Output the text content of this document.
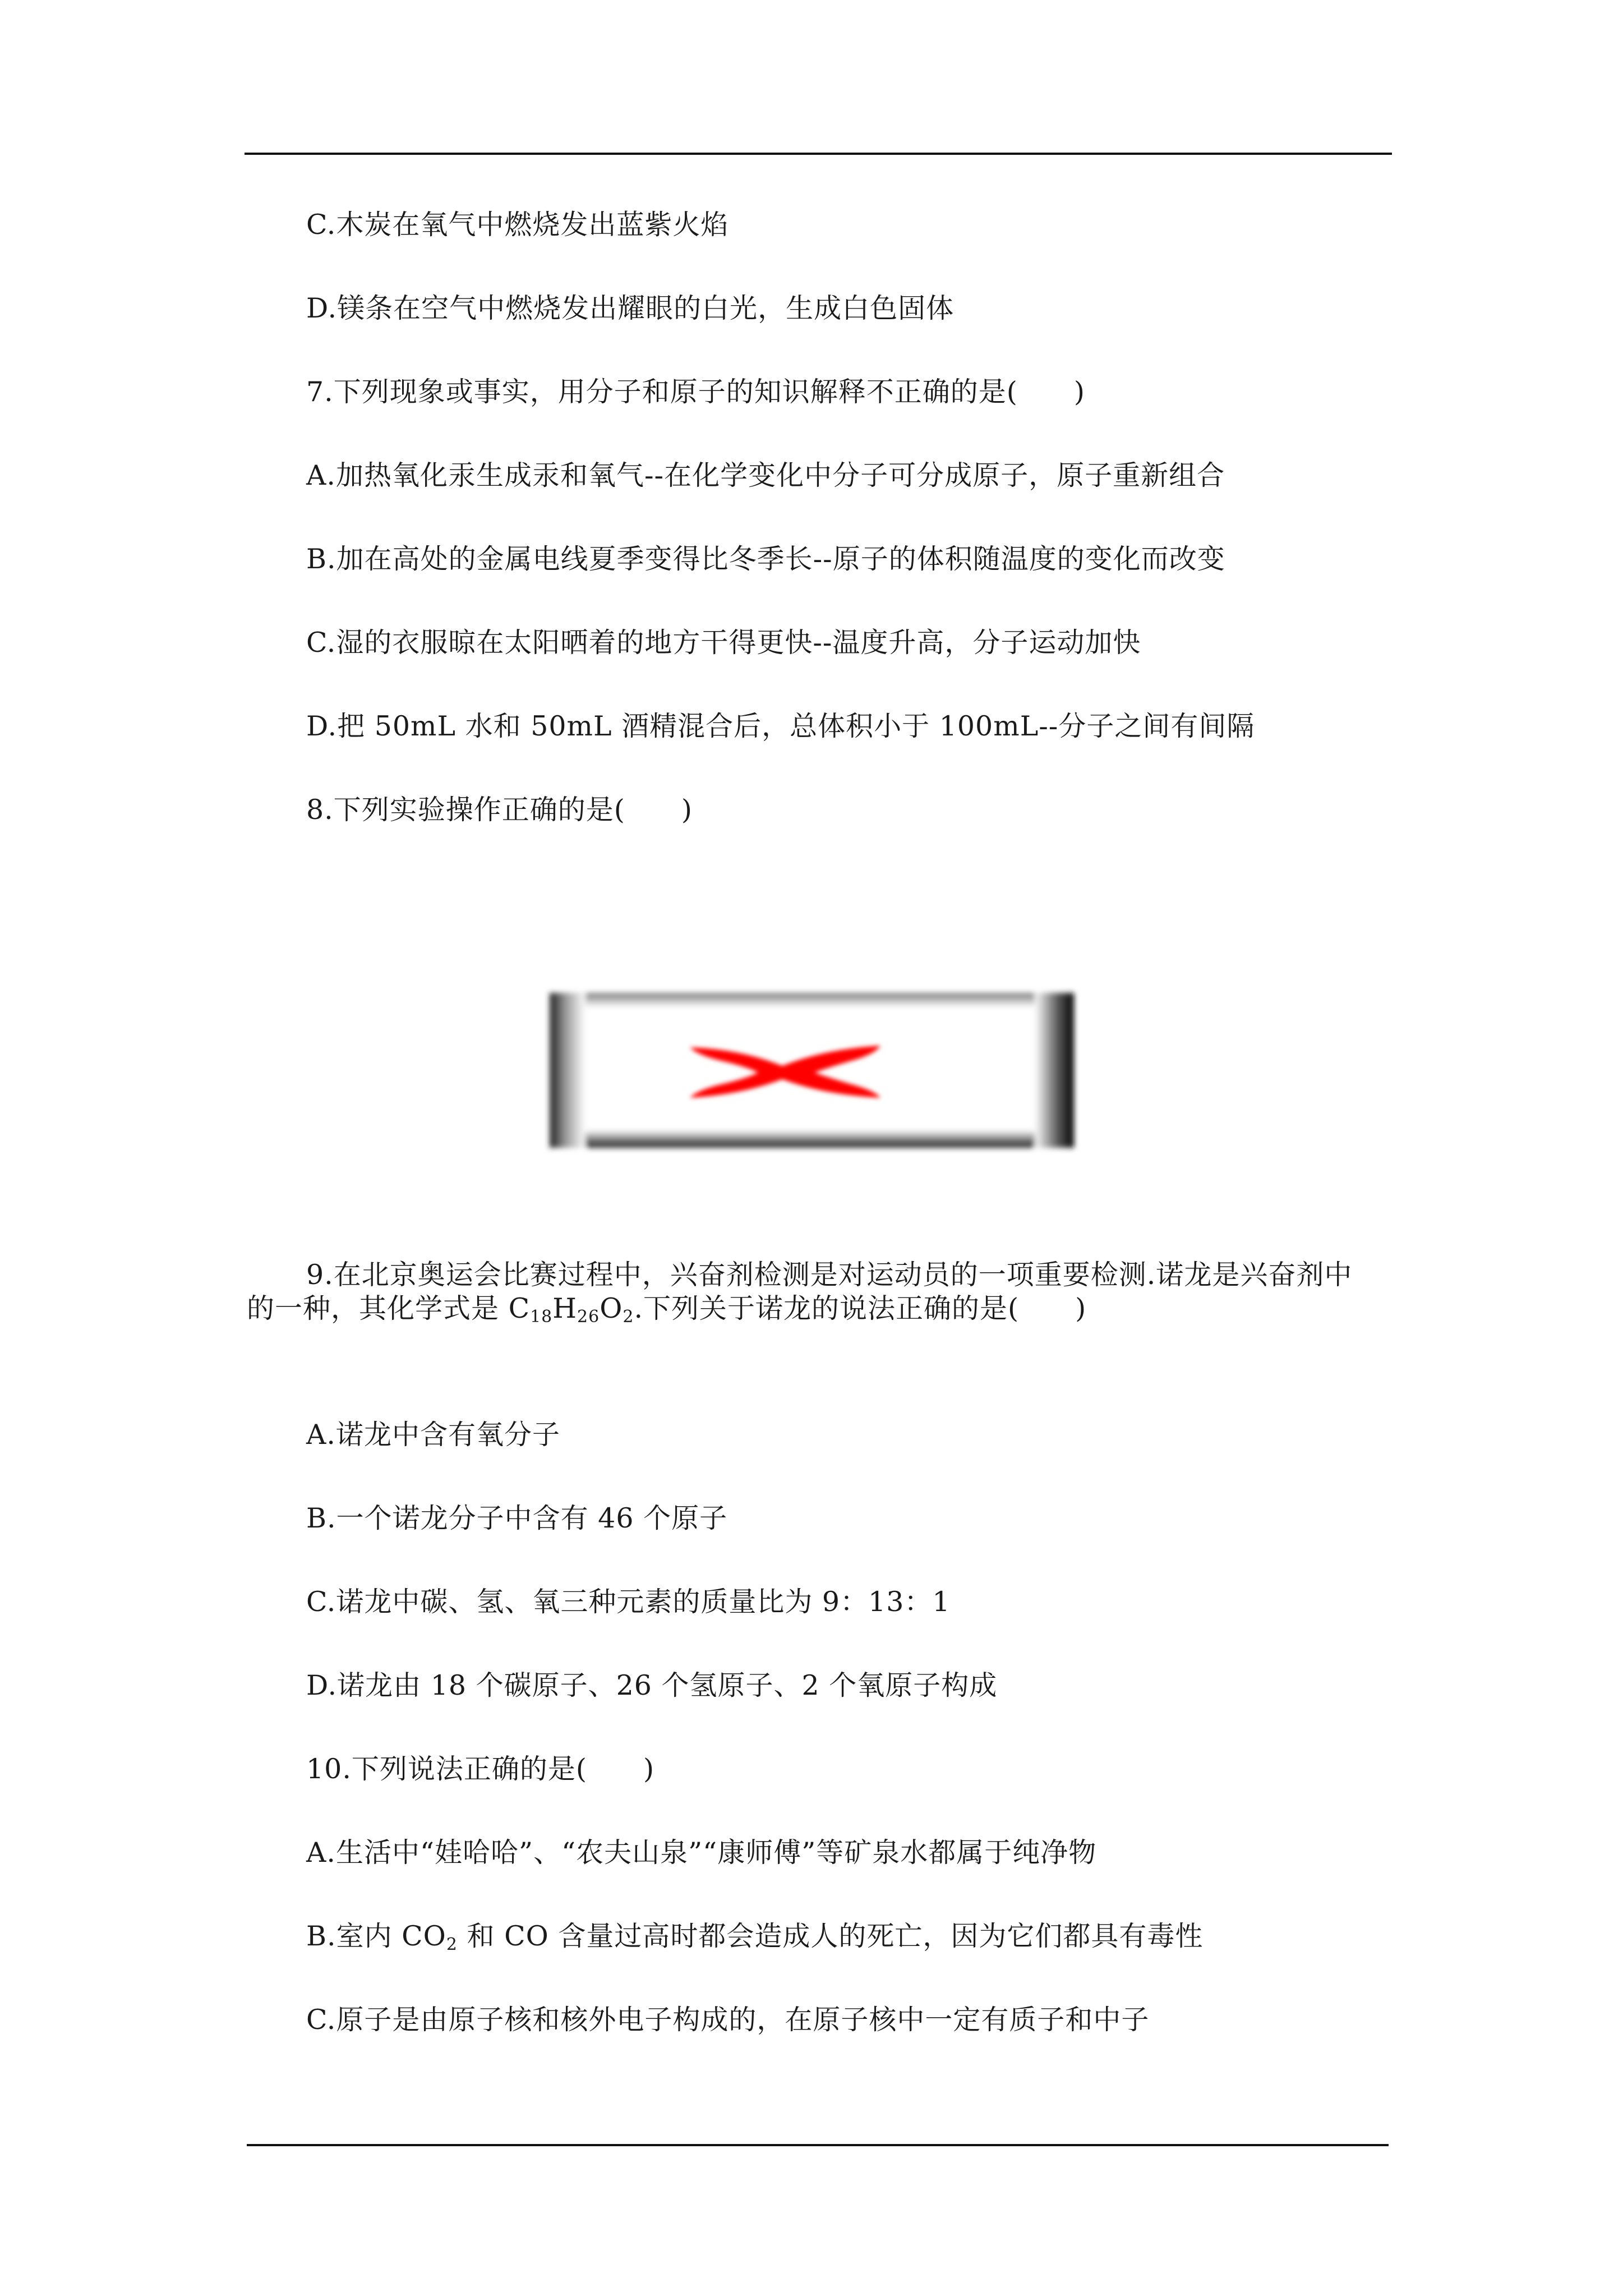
C.木炭在氧气中燃烧发出蓝紫火焰
D.镁条在空气中燃烧发出耀眼的白光，生成白色固体
7.下列现象或事实，用分子和原子的知识解释不正确的是(　　)
A.加热氧化汞生成汞和氧气--在化学变化中分子可分成原子，原子重新组合
B.加在高处的金属电线夏季变得比冬季长--原子的体积随温度的变化而改变
C.湿的衣服晾在太阳晒着的地方干得更快--温度升高，分子运动加快
D.把 50mL 水和 50mL 酒精混合后，总体积小于 100mL--分子之间有间隔
8.下列实验操作正确的是(　　)
9.在北京奥运会比赛过程中，兴奋剂检测是对运动员的一项重要检测.诺龙是兴奋剂中
的一种，其化学式是 $C_{18}H_{26}O_2$.下列关于诺龙的说法正确的是(　　)
A.诺龙中含有氧分子
B.一个诺龙分子中含有 46 个原子
C.诺龙中碳、氢、氧三种元素的质量比为 9：13：1
D.诺龙由 18 个碳原子、26 个氢原子、2 个氧原子构成
10.下列说法正确的是(　　)
A.生活中“娃哈哈”、“农夫山泉”“康师傅”等矿泉水都属于纯净物
B.室内 $CO_2$ 和 CO 含量过高时都会造成人的死亡，因为它们都具有毒性
C.原子是由原子核和核外电子构成的，在原子核中一定有质子和中子
